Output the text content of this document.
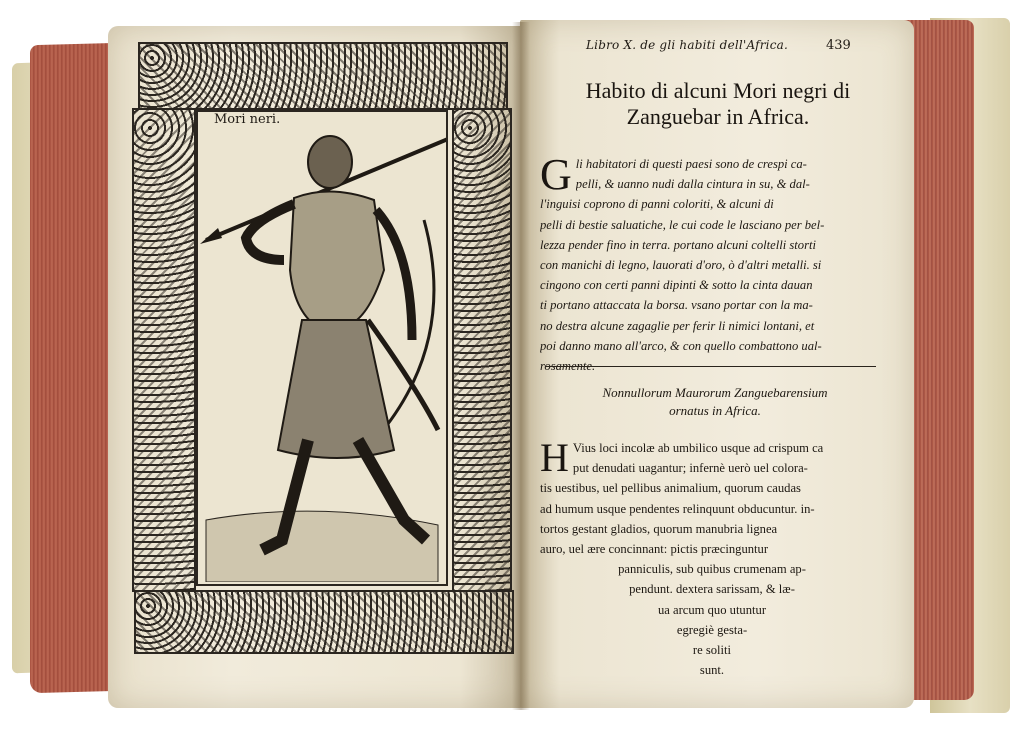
Mori neri.
Libro X. de gli habiti dell'Africa.	439
Habito di alcuni Mori negri di
Zanguebar in Africa.
G li habitatori di questi paesi sono de crespi ca-
pelli, & uanno nudi dalla cintura in su, & dal-
l'inguisi coprono di panni coloriti, & alcuni di
pelli di bestie saluatiche, le cui code le lasciano per bel-
lezza pender fino in terra. portano alcuni coltelli storti
con manichi di legno, lauorati d'oro, ò d'altri metalli. si
cingono con certi panni dipinti & sotto la cinta dauan
ti portano attaccata la borsa. vsano portar con la ma-
no destra alcune zagaglie per ferir li nimici lontani, et
poi danno mano all'arco, & con quello combattono ual-
rosamente.
Nonnullorum Maurorum Zanguebarensium
ornatus in Africa.
H Vius loci incolæ ab umbilico usque ad crispum ca
put denudati uagantur; infernè uerò uel colora-
tis uestibus, uel pellibus animalium, quorum caudas
ad humum usque pendentes relinquunt obducuntur. in-
tortos gestant gladios, quorum manubria lignea
auro, uel ære concinnant: pictis præcinguntur
panniculis, sub quibus crumenam ap-
pendunt. dextera sarissam, & læ-
ua arcum quo utuntur
egregiè gesta-
re soliti
sunt.
